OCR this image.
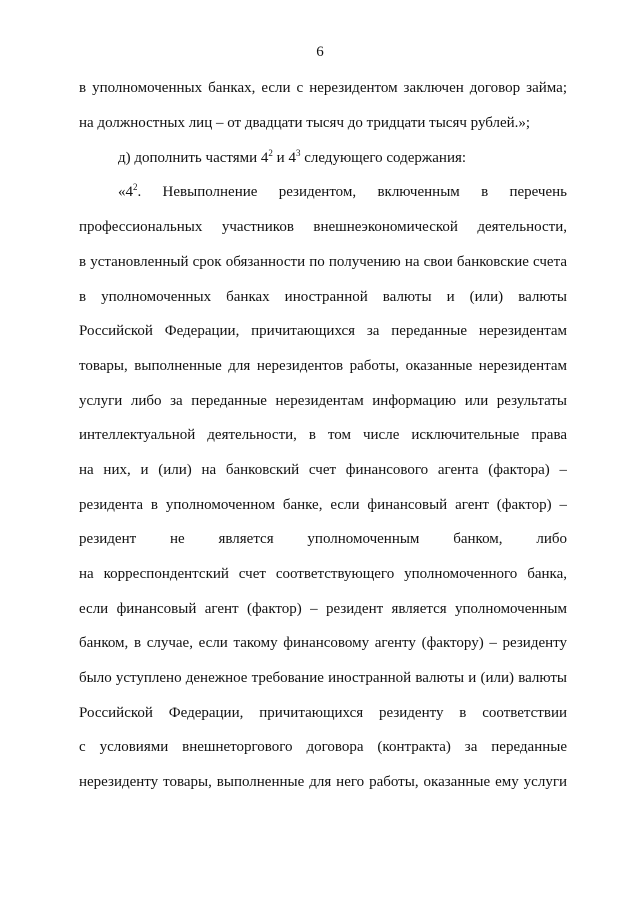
6
в уполномоченных банках, если с нерезидентом заключен договор займа;
на должностных лиц – от двадцати тысяч до тридцати тысяч рублей.»;
д) дополнить частями $4^2$ и $4^3$ следующего содержания:
«$4^2$. Невыполнение резидентом, включенным в перечень
профессиональных участников внешнеэкономической деятельности,
в установленный срок обязанности по получению на свои банковские счета
в уполномоченных банках иностранной валюты и (или) валюты
Российской Федерации, причитающихся за переданные нерезидентам
товары, выполненные для нерезидентов работы, оказанные нерезидентам
услуги либо за переданные нерезидентам информацию или результаты
интеллектуальной деятельности, в том числе исключительные права
на них, и (или) на банковский счет финансового агента (фактора) –
резидента в уполномоченном банке, если финансовый агент (фактор) –
резидент не является уполномоченным банком, либо
на корреспондентский счет соответствующего уполномоченного банка,
если финансовый агент (фактор) – резидент является уполномоченным
банком, в случае, если такому финансовому агенту (фактору) – резиденту
было уступлено денежное требование иностранной валюты и (или) валюты
Российской Федерации, причитающихся резиденту в соответствии
с условиями внешнеторгового договора (контракта) за переданные
нерезиденту товары, выполненные для него работы, оказанные ему услуги
